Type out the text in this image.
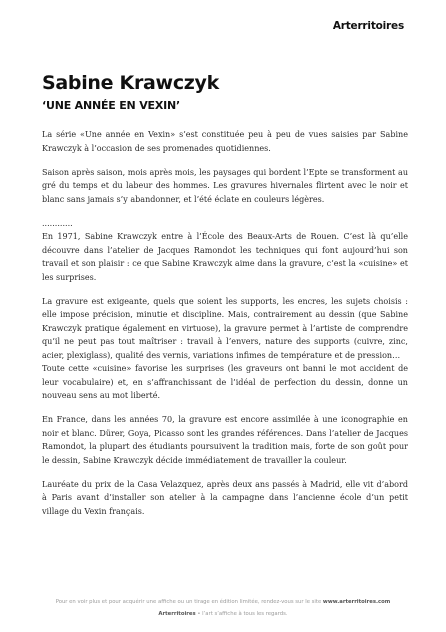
Arterritoires
Sabine Krawczyk
‘UNE ANNÉE EN VEXIN’

La série «Une année en Vexin» s’est constituée peu à peu de vues saisies par Sabine Krawczyk à l’occasion de ses promenades quotidiennes.

Saison après saison, mois après mois, les paysages qui bordent l’Epte se transforment au gré du temps et du labeur des hommes. Les gravures hivernales flirtent avec le noir et blanc sans jamais s’y abandonner, et l’été éclate en couleurs légères.

............

En 1971, Sabine Krawczyk entre à l’École des Beaux-Arts de Rouen. C’est là qu’elle découvre dans l’atelier de Jacques Ramondot les techniques qui font aujourd’hui son travail et son plaisir : ce que Sabine Krawczyk aime dans la gravure, c’est la «cuisine» et les surprises.

La gravure est exigeante, quels que soient les supports, les encres, les sujets choisis : elle impose précision, minutie et discipline. Mais, contrairement au dessin (que Sabine Krawczyk pratique également en virtuose), la gravure permet à l’artiste de comprendre qu’il ne peut pas tout maîtriser : travail à l’envers, nature des supports (cuivre, zinc, acier, plexiglass), qualité des vernis, variations infimes de température et de pression…

Toute cette «cuisine» favorise les surprises (les graveurs ont banni le mot accident de leur vocabulaire) et, en s’affranchissant de l’idéal de perfection du dessin, donne un nouveau sens au mot liberté.

En France, dans les années 70, la gravure est encore assimilée à une iconographie en noir et blanc. Dürer, Goya, Picasso sont les grandes références. Dans l’atelier de Jacques Ramondot, la plupart des étudiants poursuivent la tradition mais, forte de son goût pour le dessin, Sabine Krawczyk décide immédiatement de travailler la couleur.

Lauréate du prix de la Casa Velazquez, après deux ans passés à Madrid, elle vit d’abord à Paris avant d’installer son atelier à la campagne dans l’ancienne école d’un petit village du Vexin français.

Pour en voir plus et pour acquérir une affiche ou un tirage en édition limitée, rendez-vous sur le site www.arterritoires.com
Arterritoires • l’art s’affiche à tous les regards.
